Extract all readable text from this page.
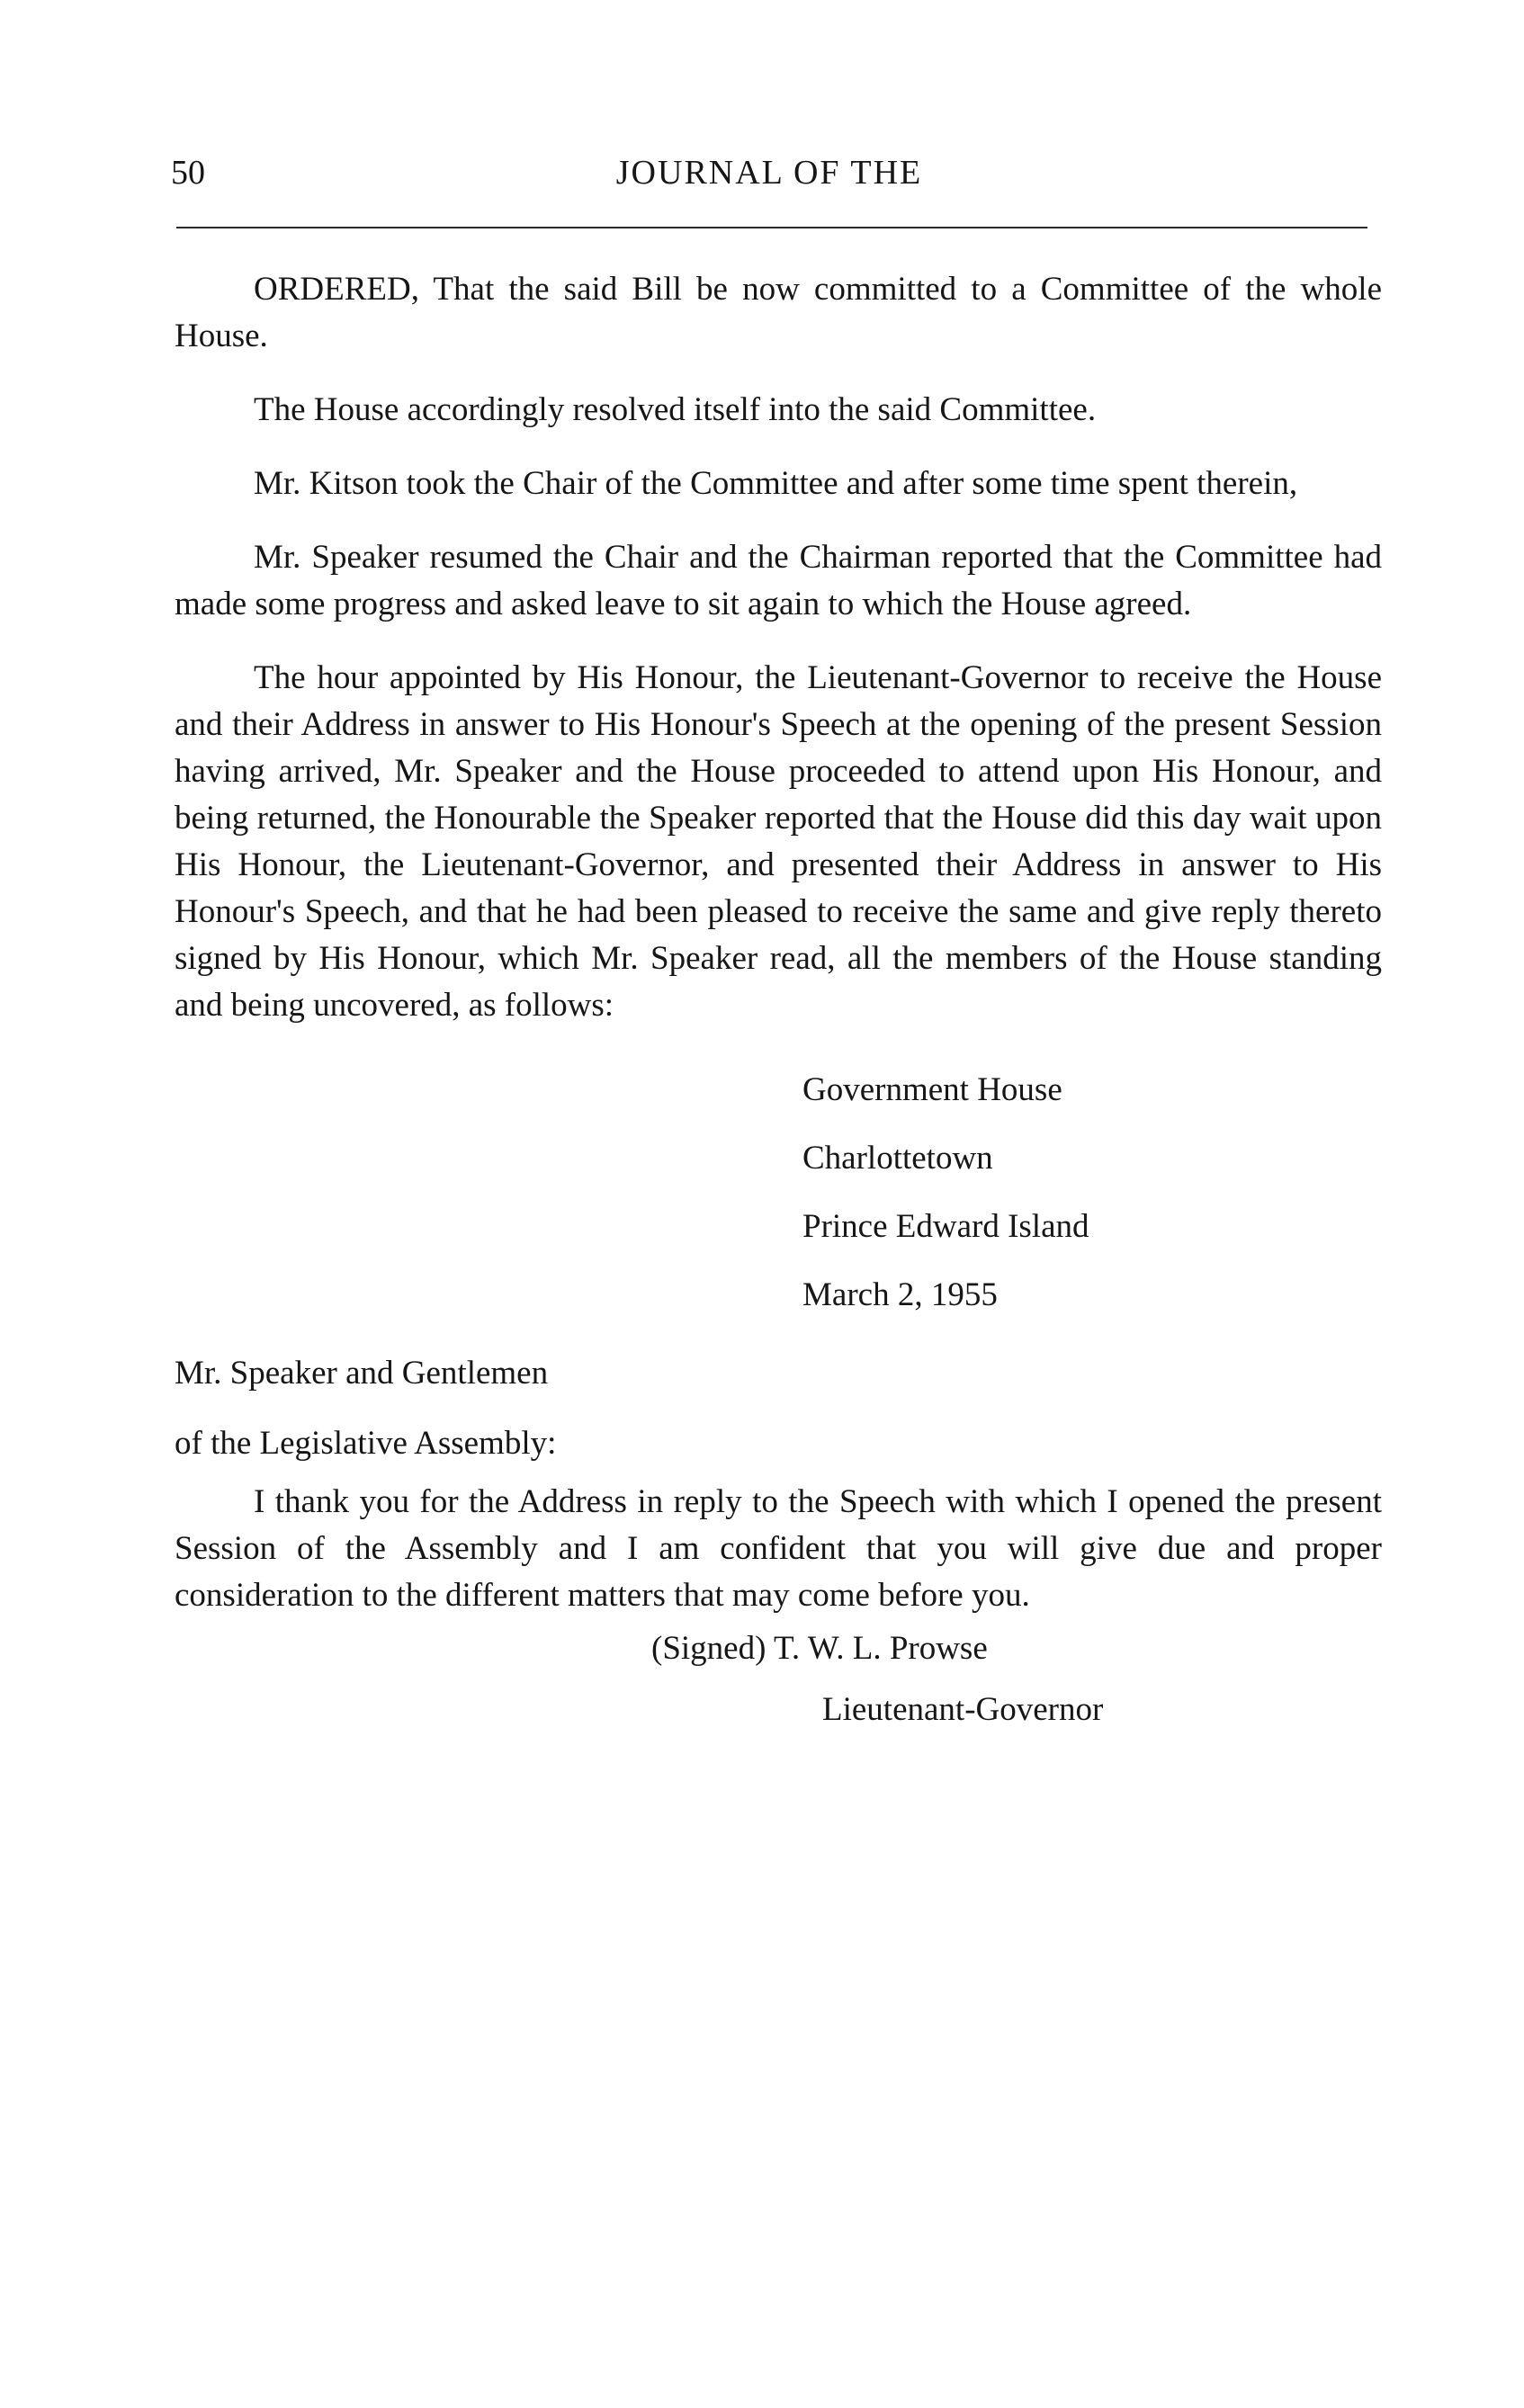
50	JOURNAL OF THE

ORDERED, That the said Bill be now committed to a Committee of the whole House.

The House accordingly resolved itself into the said Committee.

Mr. Kitson took the Chair of the Committee and after some time spent therein,

Mr. Speaker resumed the Chair and the Chairman reported that the Committee had made some progress and asked leave to sit again to which the House agreed.

The hour appointed by His Honour, the Lieutenant-Governor to receive the House and their Address in answer to His Honour's Speech at the opening of the present Session having arrived, Mr. Speaker and the House proceeded to attend upon His Honour, and being returned, the Honourable the Speaker reported that the House did this day wait upon His Honour, the Lieutenant-Governor, and presented their Address in answer to His Honour's Speech, and that he had been pleased to receive the same and give reply thereto signed by His Honour, which Mr. Speaker read, all the members of the House standing and being uncovered, as follows:

Government House
Charlottetown
Prince Edward Island
March 2, 1955
Mr. Speaker and Gentlemen
of the Legislative Assembly:

I thank you for the Address in reply to the Speech with which I opened the present Session of the Assembly and I am confident that you will give due and proper consideration to the different matters that may come before you.

(Signed) T. W. L. Prowse
Lieutenant-Governor
